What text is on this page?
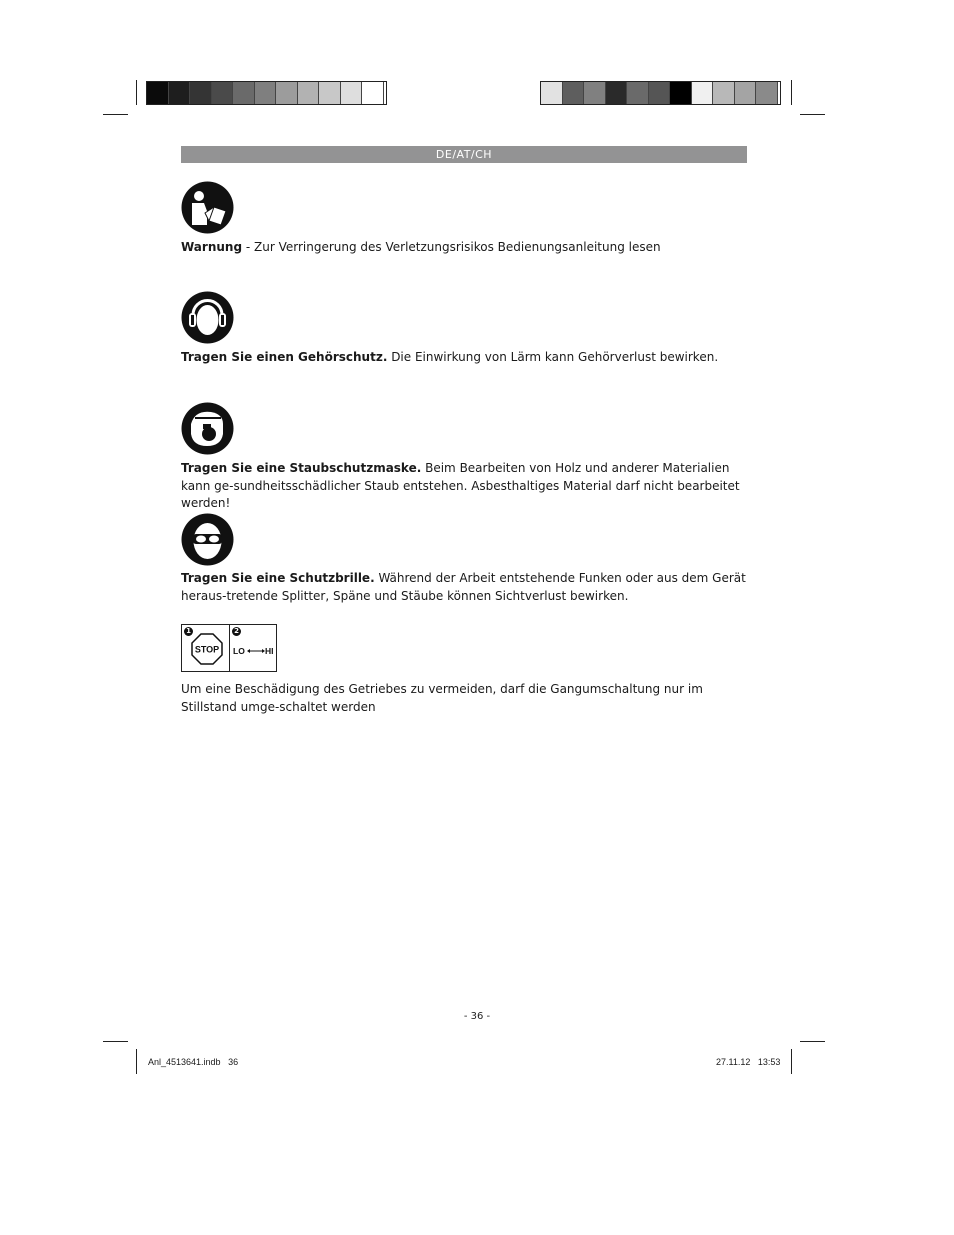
DE/AT/CH
Warnung - Zur Verringerung des Verletzungsrisikos Bedienungsanleitung lesen
Tragen Sie einen Gehörschutz. Die Einwirkung von Lärm kann Gehörverlust bewirken.
Tragen Sie eine Staubschutzmaske. Beim Bearbeiten von Holz und anderer Materialien kann ge-sundheitsschädlicher Staub entstehen. Asbesthaltiges Material darf nicht bearbeitet werden!
Tragen Sie eine Schutzbrille. Während der Arbeit entstehende Funken oder aus dem Gerät heraus-tretende Splitter, Späne und Stäube können Sichtverlust bewirken.
1
STOP
2
LO HI
Um eine Beschädigung des Getriebes zu vermeiden, darf die Gangumschaltung nur im Stillstand umge-schaltet werden
- 36 -
Anl_4513641.indb   36	27.11.12   13:53
